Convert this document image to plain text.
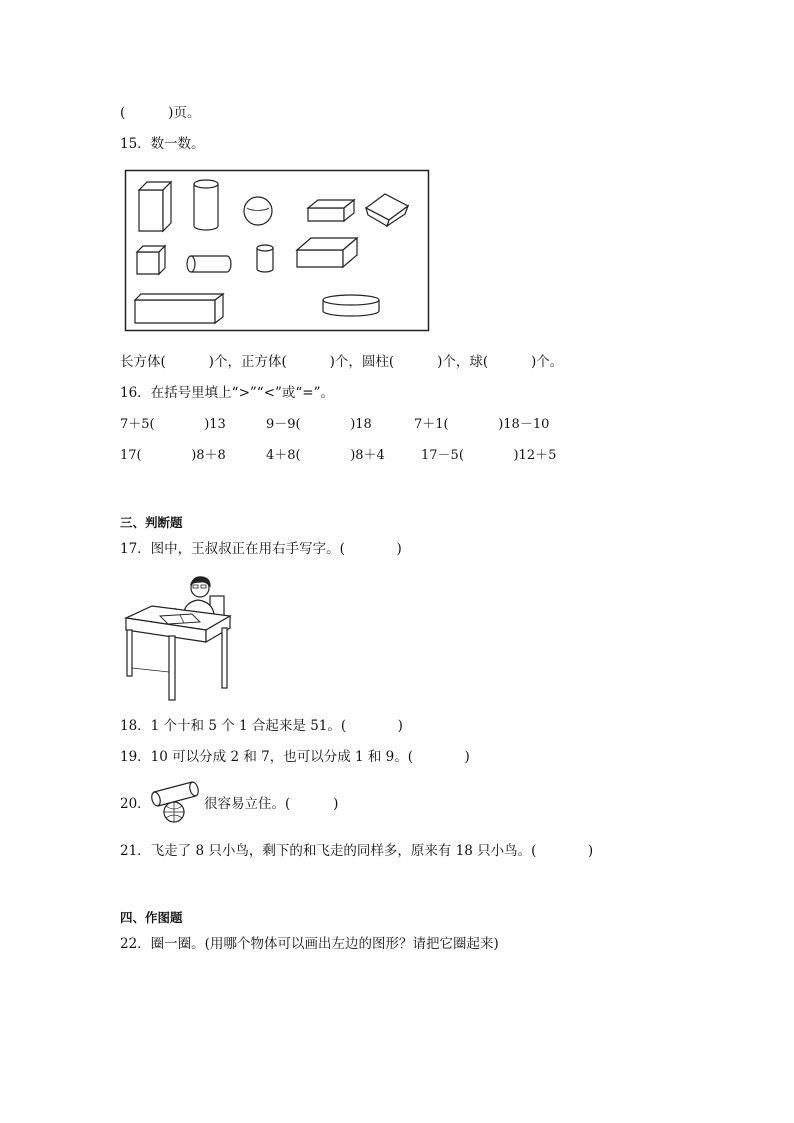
(          )页。
15．数一数。
长方体(          )个，正方体(          )个，圆柱(          )个，球(          )个。
16．在括号里填上“>”“<”或“=”。
7＋5(            )13	9－9(            )18	7＋1(            )18－10
17(            )8＋8	4＋8(            )8＋4	17－5(            )12＋5
三、判断题
17．图中，王叔叔正在用右手写字。(            )
18．1 个十和 5 个 1 合起来是 51。(            )
19．10 可以分成 2 和 7，也可以分成 1 和 9。(            )
20．	很容易立住。(          )
21．飞走了 8 只小鸟，剩下的和飞走的同样多，原来有 18 只小鸟。(            )
四、作图题
22．圈一圈。(用哪个物体可以画出左边的图形？请把它圈起来)
